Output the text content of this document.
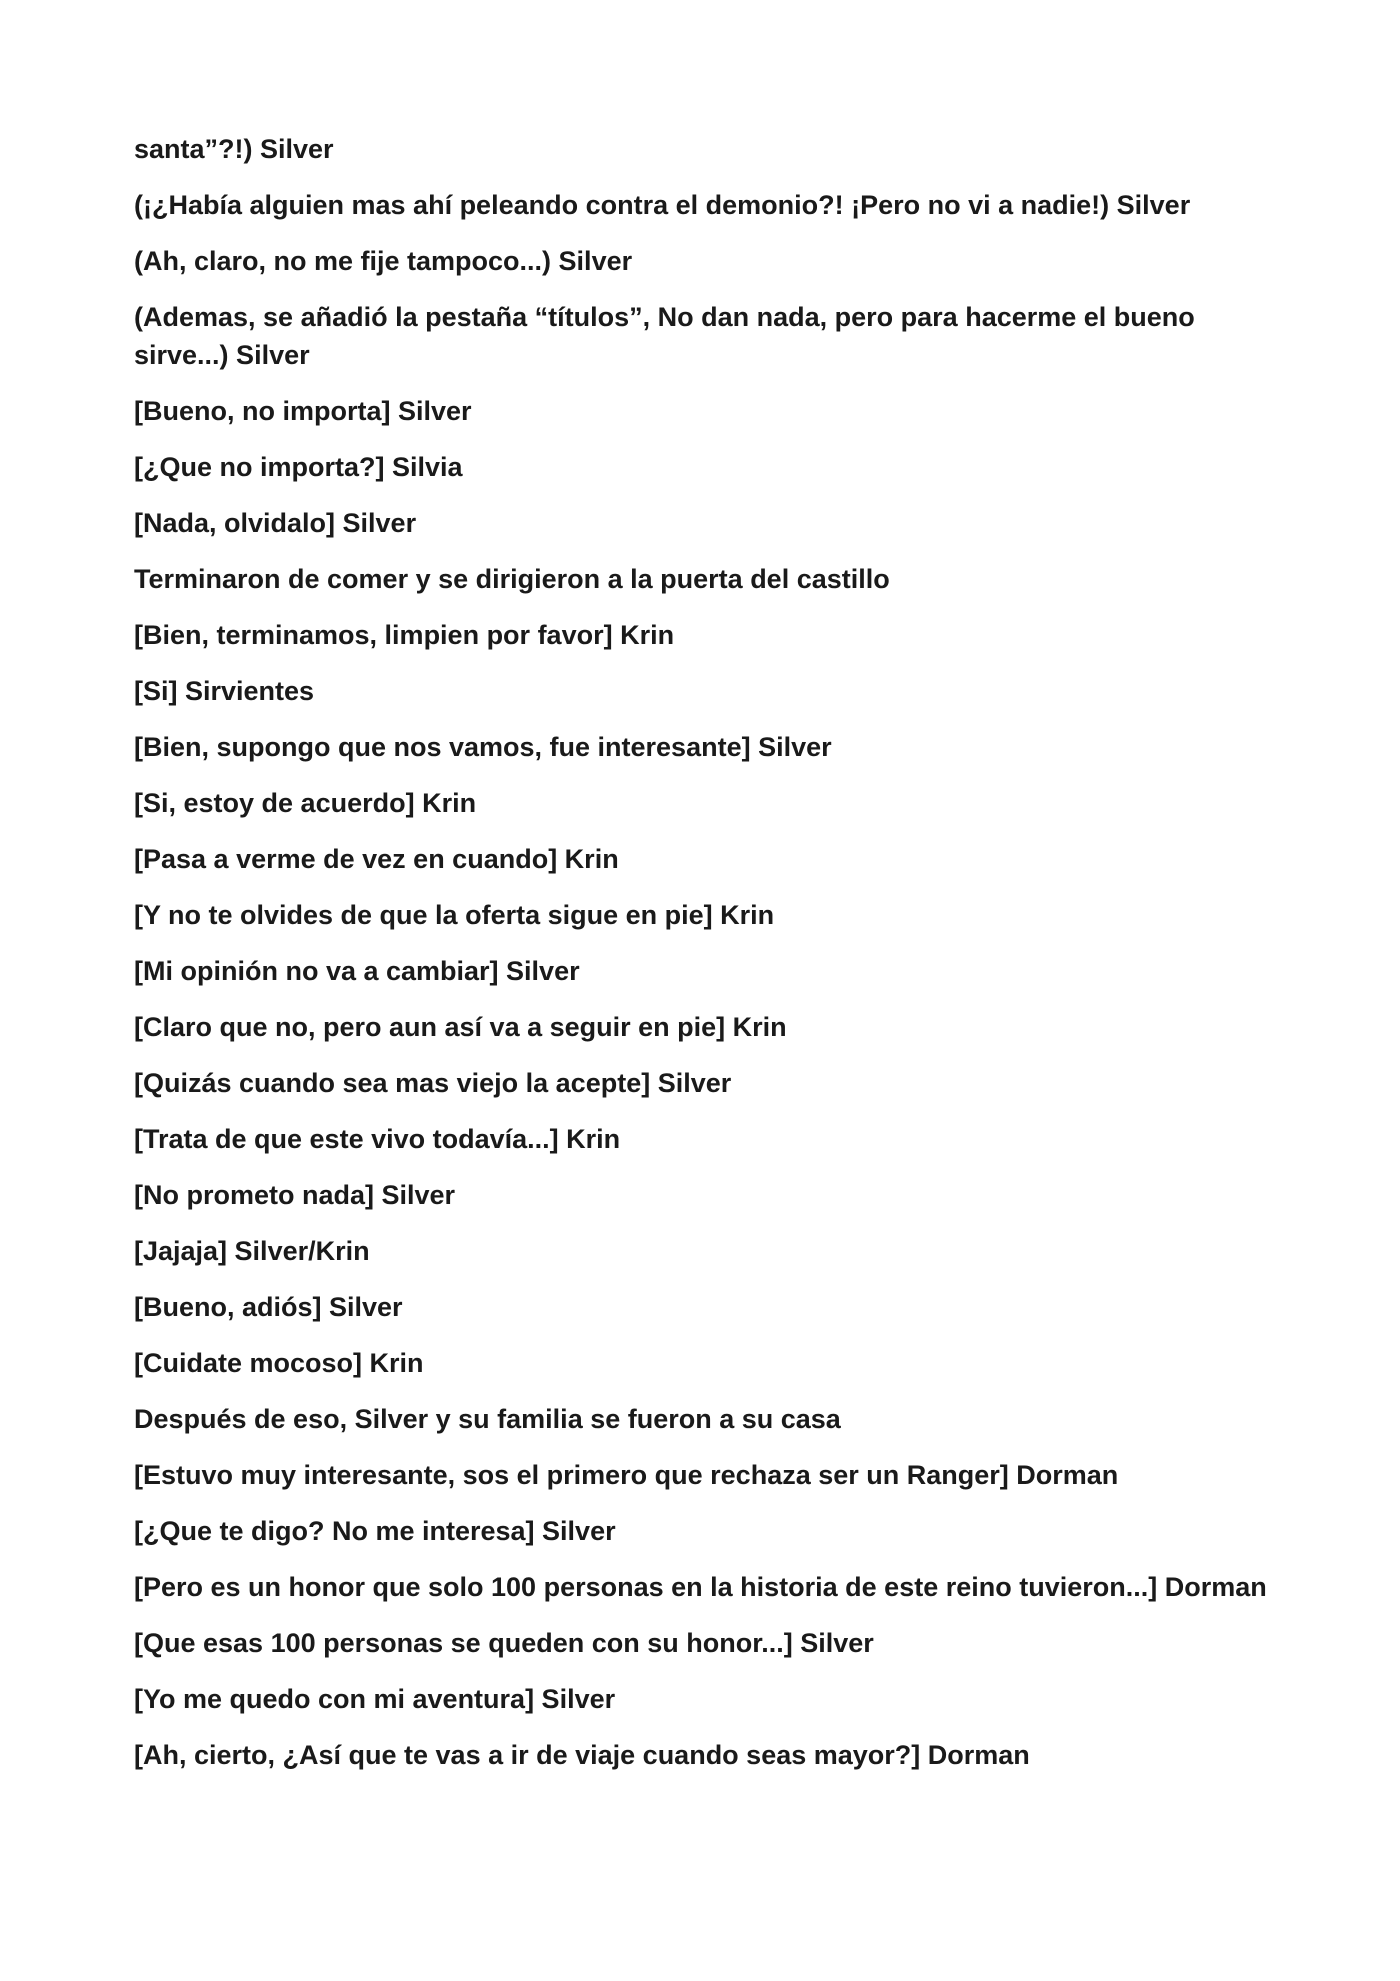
santa”?!) Silver

(¡¿Había alguien mas ahí peleando contra el demonio?! ¡Pero no vi a nadie!) Silver

(Ah, claro, no me fije tampoco...) Silver

(Ademas, se añadió la pestaña “títulos”, No dan nada, pero para hacerme el bueno sirve...) Silver

[Bueno, no importa] Silver

[¿Que no importa?] Silvia

[Nada, olvidalo] Silver

Terminaron de comer y se dirigieron a la puerta del castillo

[Bien, terminamos, limpien por favor] Krin

[Si] Sirvientes

[Bien, supongo que nos vamos, fue interesante] Silver

[Si, estoy de acuerdo] Krin

[Pasa a verme de vez en cuando] Krin

[Y no te olvides de que la oferta sigue en pie] Krin

[Mi opinión no va a cambiar] Silver

[Claro que no, pero aun así va a seguir en pie] Krin

[Quizás cuando sea mas viejo la acepte] Silver

[Trata de que este vivo todavía...] Krin

[No prometo nada] Silver

[Jajaja] Silver/Krin

[Bueno, adiós] Silver

[Cuidate mocoso] Krin

Después de eso, Silver y su familia se fueron a su casa

[Estuvo muy interesante, sos el primero que rechaza ser un Ranger] Dorman

[¿Que te digo? No me interesa] Silver

[Pero es un honor que solo 100 personas en la historia de este reino tuvieron...] Dorman

[Que esas 100 personas se queden con su honor...] Silver

[Yo me quedo con mi aventura] Silver

[Ah, cierto, ¿Así que te vas a ir de viaje cuando seas mayor?] Dorman
